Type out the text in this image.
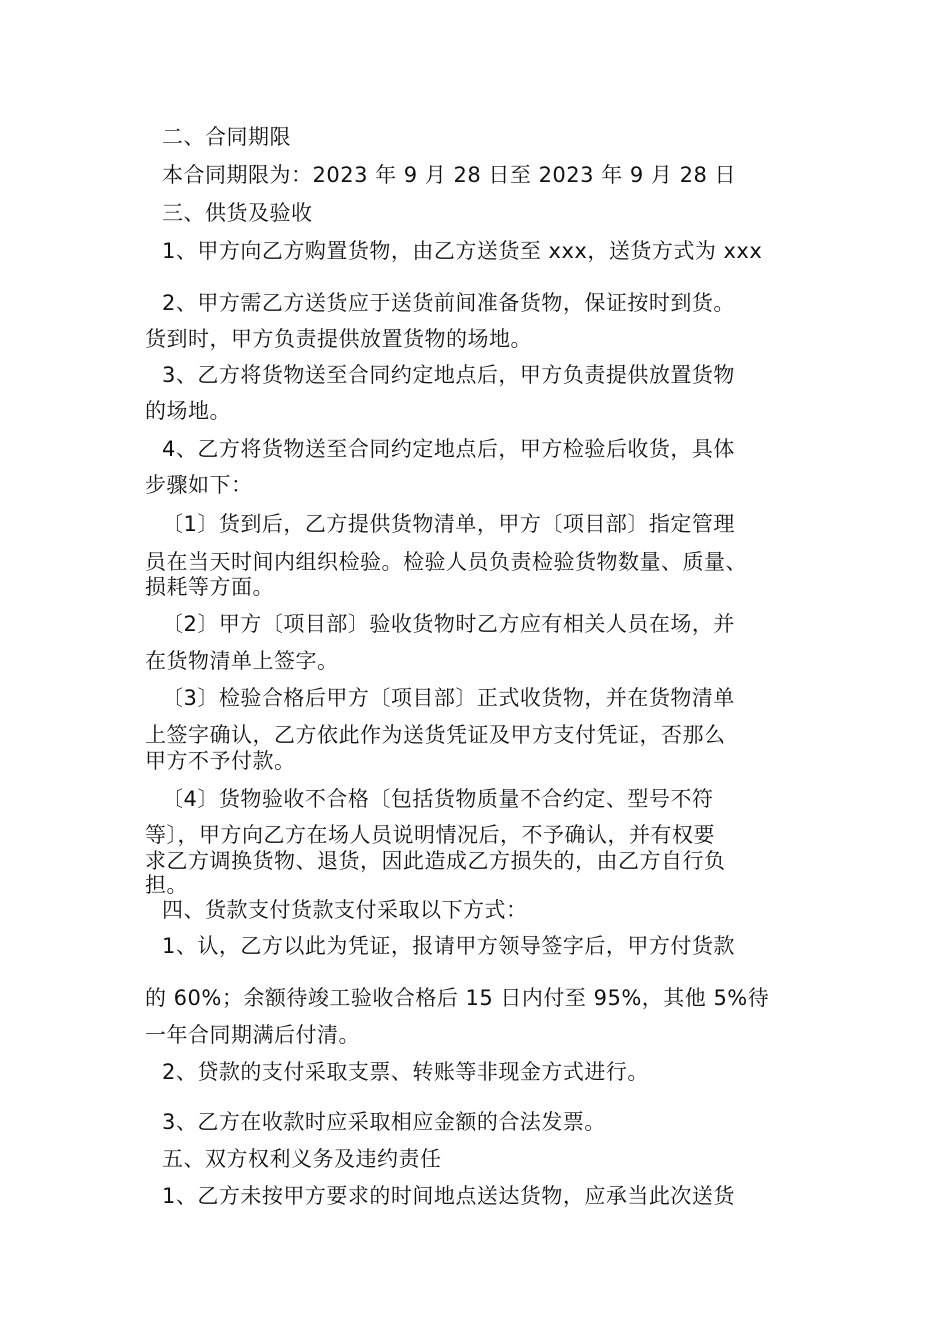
二、合同期限
本合同期限为：2023 年 9 月 28 日至 2023 年 9 月 28 日
三、供货及验收
1、甲方向乙方购置货物，由乙方送货至 xxx，送货方式为 xxx
2、甲方需乙方送货应于送货前间准备货物，保证按时到货。
货到时，甲方负责提供放置货物的场地。
3、乙方将货物送至合同约定地点后，甲方负责提供放置货物
的场地。
4、乙方将货物送至合同约定地点后，甲方检验后收货，具体
步骤如下：
〔1〕货到后，乙方提供货物清单，甲方〔项目部〕指定管理
员在当天时间内组织检验。检验人员负责检验货物数量、质量、
损耗等方面。
〔2〕甲方〔项目部〕验收货物时乙方应有相关人员在场，并
在货物清单上签字。
〔3〕检验合格后甲方〔项目部〕正式收货物，并在货物清单
上签字确认，乙方依此作为送货凭证及甲方支付凭证，否那么
甲方不予付款。
〔4〕货物验收不合格〔包括货物质量不合约定、型号不符
等〕，甲方向乙方在场人员说明情况后，不予确认，并有权要
求乙方调换货物、退货，因此造成乙方损失的，由乙方自行负
担。
四、货款支付货款支付采取以下方式：
1、认，乙方以此为凭证，报请甲方领导签字后，甲方付货款
的 60%；余额待竣工验收合格后 15 日内付至 95%，其他 5%待
一年合同期满后付清。
2、贷款的支付采取支票、转账等非现金方式进行。
3、乙方在收款时应采取相应金额的合法发票。
五、双方权利义务及违约责任
1、乙方未按甲方要求的时间地点送达货物，应承当此次送货
